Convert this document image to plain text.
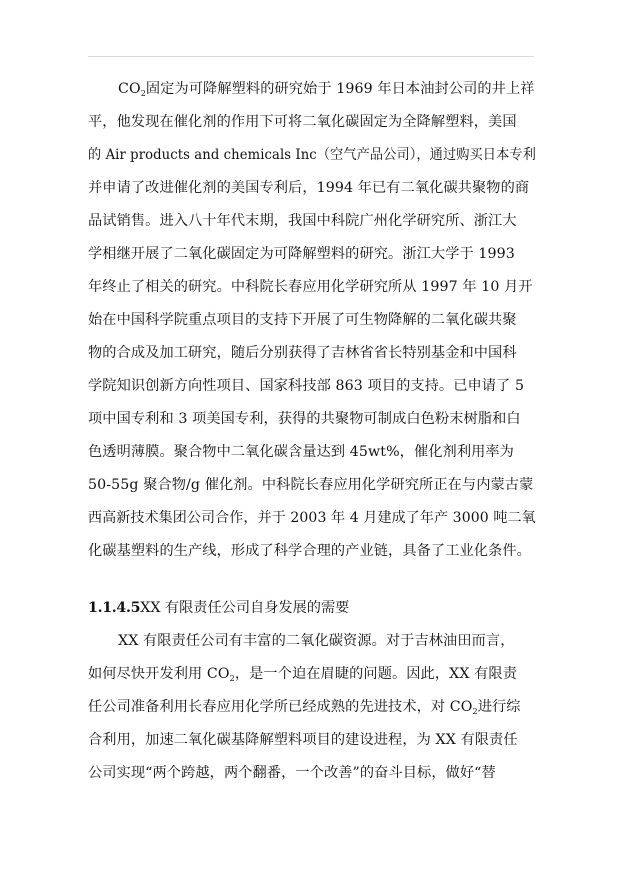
$CO_2$固定为可降解塑料的研究始于 1969 年日本油封公司的井上祥
平，他发现在催化剂的作用下可将二氧化碳固定为全降解塑料，美国
的 Air products and chemicals Inc（空气产品公司），通过购买日本专利
并申请了改进催化剂的美国专利后，1994 年已有二氧化碳共聚物的商
品试销售。进入八十年代末期，我国中科院广州化学研究所、浙江大
学相继开展了二氧化碳固定为可降解塑料的研究。浙江大学于 1993
年终止了相关的研究。中科院长春应用化学研究所从 1997 年 10 月开
始在中国科学院重点项目的支持下开展了可生物降解的二氧化碳共聚
物的合成及加工研究，随后分别获得了吉林省省长特别基金和中国科
学院知识创新方向性项目、国家科技部 863 项目的支持。已申请了 5
项中国专利和 3 项美国专利，获得的共聚物可制成白色粉末树脂和白
色透明薄膜。聚合物中二氧化碳含量达到 45wt%，催化剂利用率为
50-55g 聚合物/g 催化剂。中科院长春应用化学研究所正在与内蒙古蒙
西高新技术集团公司合作，并于 2003 年 4 月建成了年产 3000 吨二氧
化碳基塑料的生产线，形成了科学合理的产业链，具备了工业化条件。
1.1.4.5XX 有限责任公司自身发展的需要
XX 有限责任公司有丰富的二氧化碳资源。对于吉林油田而言，
如何尽快开发利用 $CO_2$，是一个迫在眉睫的问题。因此，XX 有限责
任公司准备利用长春应用化学所已经成熟的先进技术，对 $CO_2$进行综
合利用，加速二氧化碳基降解塑料项目的建设进程，为 XX 有限责任
公司实现“两个跨越，两个翻番，一个改善”的奋斗目标，做好“替
